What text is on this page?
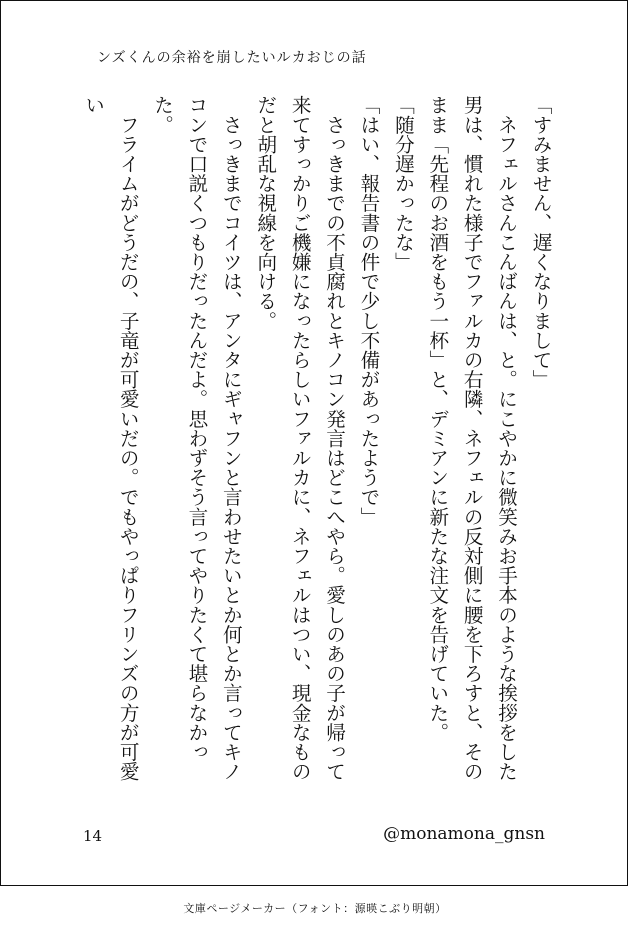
ンズくんの余裕を崩したいルカおじの話

「すみません、遅くなりまして」

　ネフェルさんこんばんは、と。にこやかに微笑みお手本のような挨拶をした男は、慣れた様子でファルカの右隣、ネフェルの反対側に腰を下ろすと、そのまま「先程のお酒をもう一杯」と、デミアンに新たな注文を告げていた。

「随分遅かったな」

「はい、報告書の件で少し不備があったようで」

　さっきまでの不貞腐れとキノコン発言はどこへやら。愛しのあの子が帰って来てすっかりご機嫌になったらしいファルカに、ネフェルはつい、現金なものだと胡乱な視線を向ける。

　さっきまでコイツは、アンタにギャフンと言わせたいとか何とか言ってキノコンで口説くつもりだったんだよ。思わずそう言ってやりたくて堪らなかった。

　フライムがどうだの、子竜が可愛いだの。でもやっぱりフリンズの方が可愛い

14	@monamona_gnsn
文庫ページメーカー（フォント：源暎こぶり明朝）
